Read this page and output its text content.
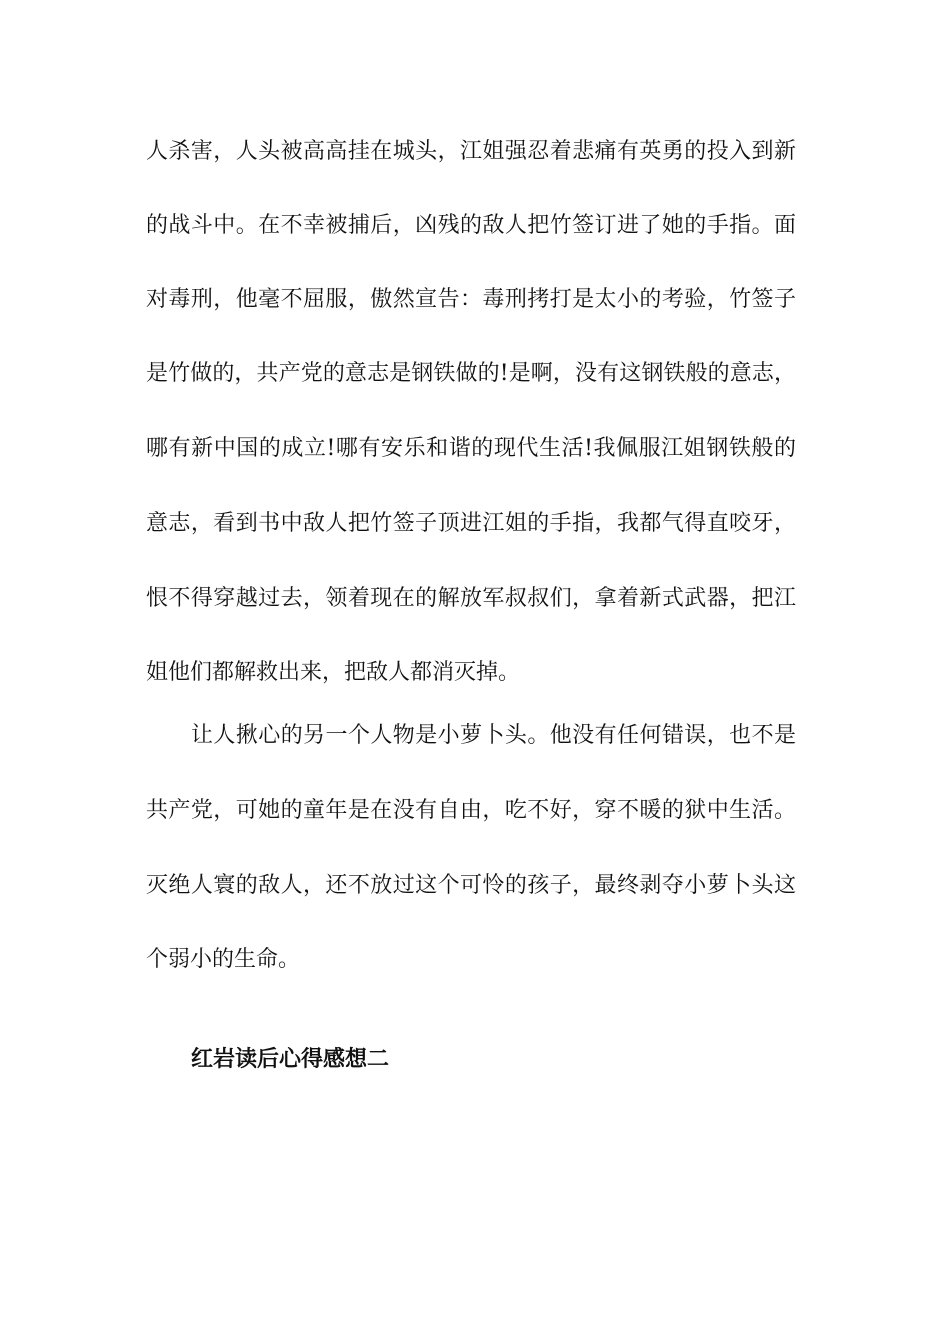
人杀害，人头被高高挂在城头，江姐强忍着悲痛有英勇的投入到新
的战斗中。在不幸被捕后，凶残的敌人把竹签订进了她的手指。面
对毒刑，他毫不屈服，傲然宣告：毒刑拷打是太小的考验，竹签子
是竹做的，共产党的意志是钢铁做的!是啊，没有这钢铁般的意志，
哪有新中国的成立!哪有安乐和谐的现代生活!我佩服江姐钢铁般的
意志，看到书中敌人把竹签子顶进江姐的手指，我都气得直咬牙，
恨不得穿越过去，领着现在的解放军叔叔们，拿着新式武器，把江
姐他们都解救出来，把敌人都消灭掉。
让人揪心的另一个人物是小萝卜头。他没有任何错误，也不是
共产党，可她的童年是在没有自由，吃不好，穿不暖的狱中生活。
灭绝人寰的敌人，还不放过这个可怜的孩子，最终剥夺小萝卜头这
个弱小的生命。
红岩读后心得感想二
